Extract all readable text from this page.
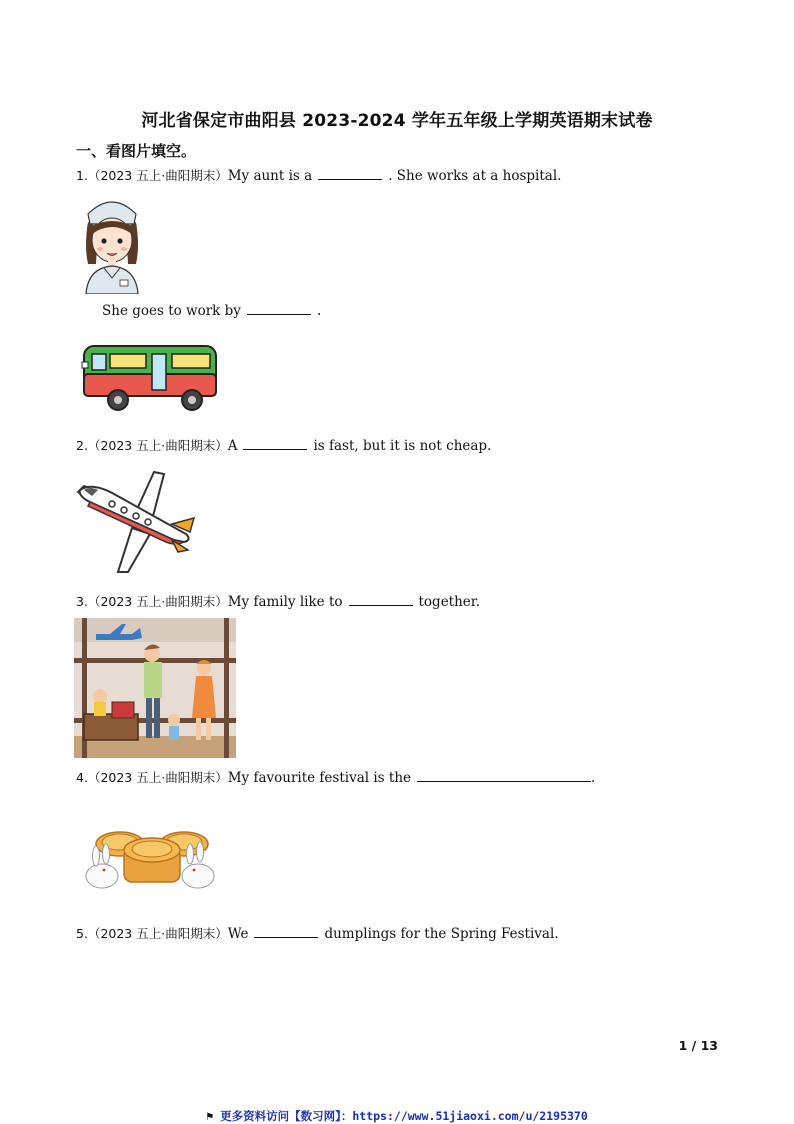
河北省保定市曲阳县 2023-2024 学年五年级上学期英语期末试卷
一、看图片填空。
1.（2023 五上·曲阳期末）My aunt is a	. She works at a hospital.
She goes to work by	.
2.（2023 五上·曲阳期末）A	is fast, but it is not cheap.
3.（2023 五上·曲阳期末）My family like to	together.
4.（2023 五上·曲阳期末）My favourite festival is the	.
5.（2023 五上·曲阳期末）We	dumplings for the Spring Festival.
1 / 13
⚑ 更多资料访问【数习网】：https://www.51jiaoxi.com/u/2195370
